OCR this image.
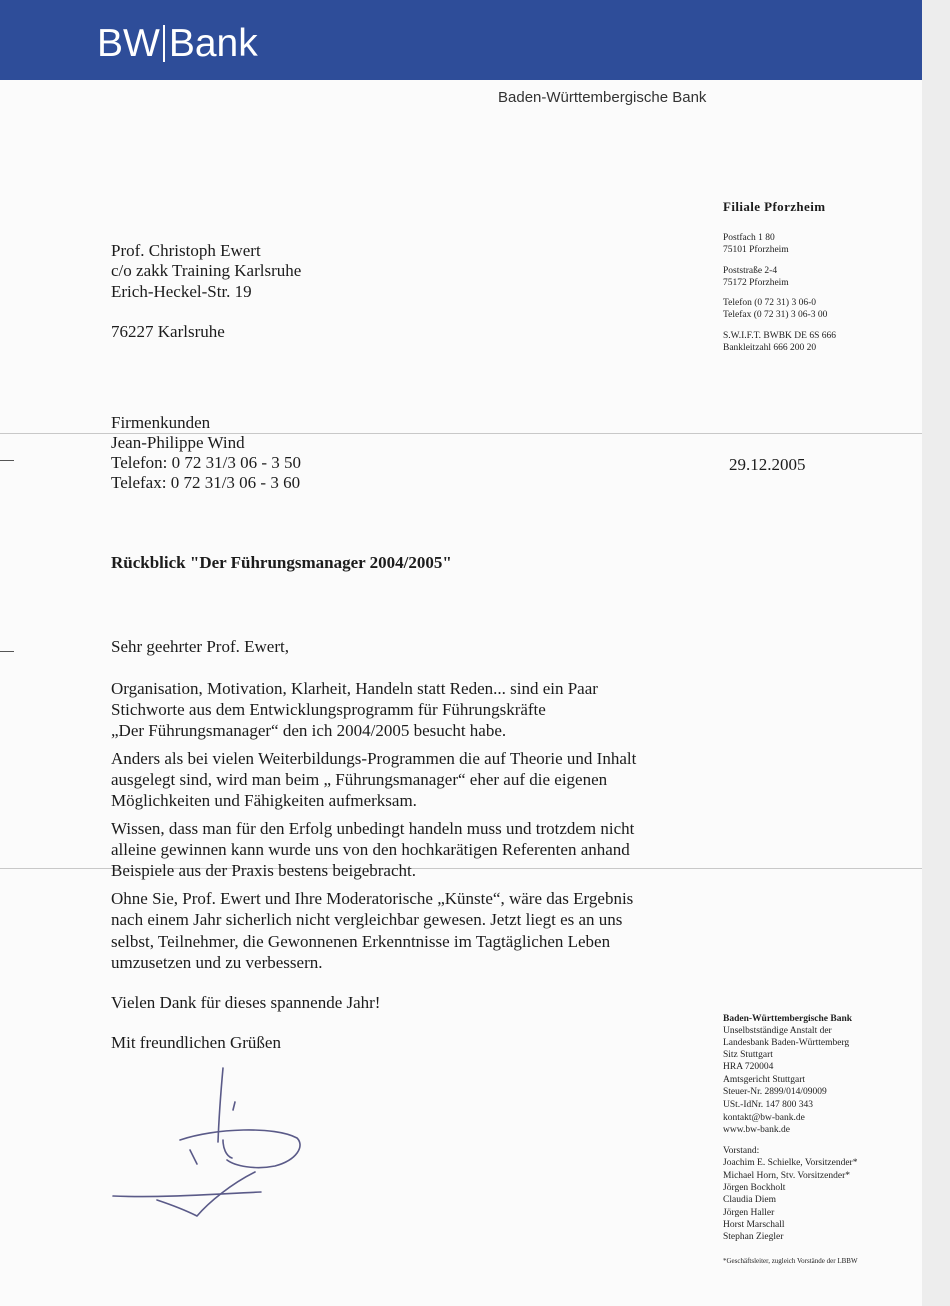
BW Bank
Baden-Württembergische Bank
Filiale Pforzheim
Postfach 1 80
75101 Pforzheim
Poststraße 2-4
75172 Pforzheim
Telefon (0 72 31) 3 06-0
Telefax (0 72 31) 3 06-3 00
S.W.I.F.T. BWBK DE 6S 666
Bankleitzahl 666 200 20
Prof. Christoph Ewert
c/o zakk Training Karlsruhe
Erich-Heckel-Str. 19
76227 Karlsruhe
Firmenkunden
Jean-Philippe Wind
Telefon: 0 72 31/3 06 - 3 50
Telefax: 0 72 31/3 06 - 3 60
29.12.2005
Rückblick "Der Führungsmanager 2004/2005"
Sehr geehrter Prof. Ewert,
Organisation, Motivation, Klarheit, Handeln statt Reden... sind ein Paar
Stichworte aus dem Entwicklungsprogramm für Führungskräfte
„Der Führungsmanager“ den ich 2004/2005 besucht habe.
Anders als bei vielen Weiterbildungs-Programmen die auf Theorie und Inhalt
ausgelegt sind, wird man beim „ Führungsmanager“ eher auf die eigenen
Möglichkeiten und Fähigkeiten aufmerksam.
Wissen, dass man für den Erfolg unbedingt handeln muss und trotzdem nicht
alleine gewinnen kann wurde uns von den hochkarätigen Referenten anhand
Beispiele aus der Praxis bestens beigebracht.
Ohne Sie, Prof. Ewert und Ihre Moderatorische „Künste“, wäre das Ergebnis
nach einem Jahr sicherlich nicht vergleichbar gewesen. Jetzt liegt es an uns
selbst, Teilnehmer, die Gewonnenen Erkenntnisse im Tagtäglichen Leben
umzusetzen und zu verbessern.
Vielen Dank für dieses spannende Jahr!
Mit freundlichen Grüßen
Baden-Württembergische Bank
Unselbstständige Anstalt der
Landesbank Baden-Württemberg
Sitz Stuttgart
HRA 720004
Amtsgericht Stuttgart
Steuer-Nr. 2899/014/09009
USt.-IdNr. 147 800 343
kontakt@bw-bank.de
www.bw-bank.de
Vorstand:
Joachim E. Schielke, Vorsitzender*
Michael Horn, Stv. Vorsitzender*
Jörgen Bockholt
Claudia Diem
Jörgen Haller
Horst Marschall
Stephan Ziegler
*Geschäftsleiter, zugleich Vorstände der LBBW
